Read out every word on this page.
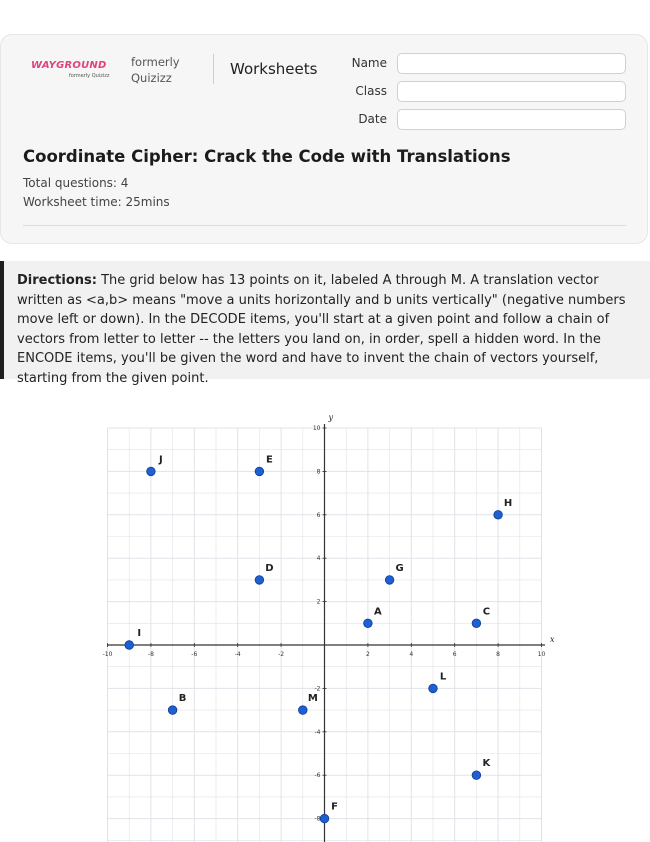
WAYGROUND
formerly Quizizz
formerly
Quizizz	Worksheets	Name
Class
Date
Coordinate Cipher: Crack the Code with Translations
Total questions: 4
Worksheet time: 25mins
Directions: The grid below has 13 points on it, labeled A through M. A translation vector written as <a,b> means "move a units horizontally and b units vertically" (negative numbers move left or down). In the DECODE items, you'll start at a given point and follow a chain of vectors from letter to letter -- the letters you land on, in order, spell a hidden word. In the ENCODE items, you'll be given the word and have to invent the chain of vectors yourself, starting from the given point.
x
y
-10	-8	-6	-4	-2	2	4	6	8	10
10
8
6
4
2
-2
-4
-6
-8
A
B
C
D
E
F
G
H
I
J
K
L
M
